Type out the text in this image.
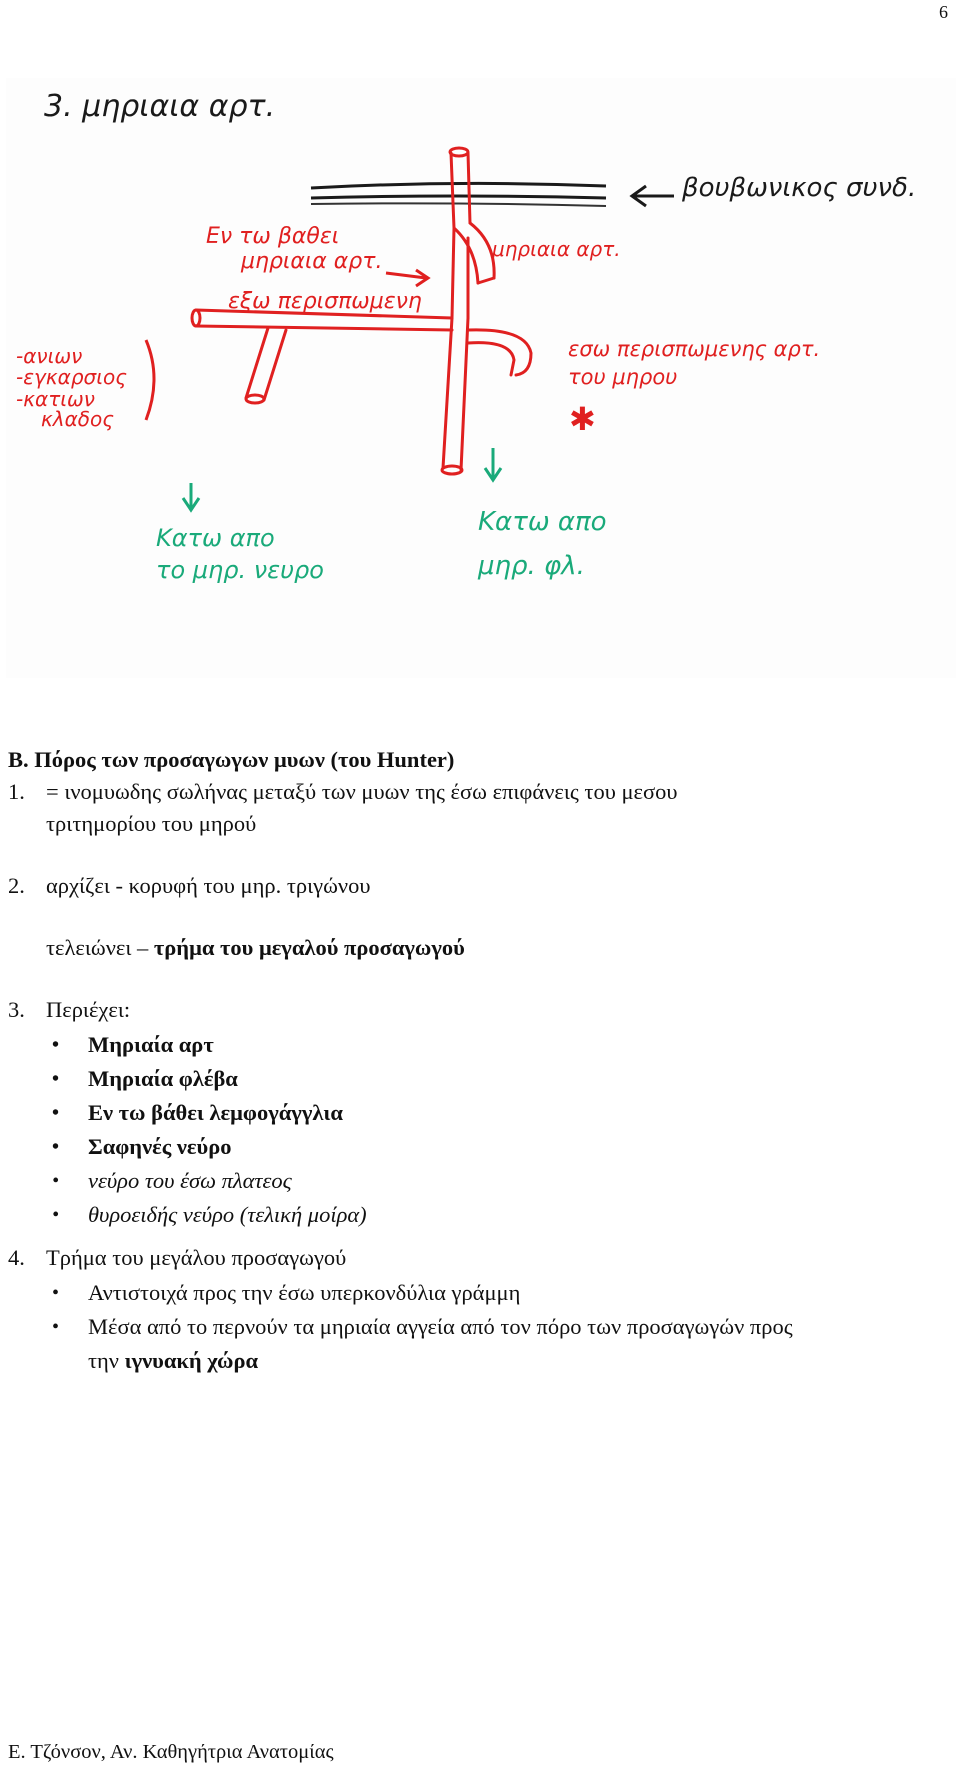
6
3. μηριαια αρτ.
βουβωνικος συνδ.
Εν τω βαθει
μηριαια αρτ.	μηριαια αρτ.
εξω περισπωμενη
-ανιων
-εγκαρσιος
-κατιων
κλαδος
εσω περισπωμενης αρτ.
του μηρου
✱
Κατω απο
το μηρ. νευρο
Κατω απο
μηρ. φλ.
B. Πόρος των προσαγωγων μυων (του Hunter)
1. = ινομυωδης σωλήνας μεταξύ των μυων της έσω επιφάνεις του μεσου
τριτημορίου του μηρού
2. αρχίζει - κορυφή του μηρ. τριγώνου
τελειώνει – τρήμα του μεγαλού προσαγωγού
3. Περιέχει:
• Μηριαία αρτ
• Μηριαία φλέβα
• Εν τω βάθει λεμφογάγγλια
• Σαφηνές νεύρο
• νεύρο του έσω πλατεος
• θυροειδής νεύρο (τελική μοίρα)
4. Τρήμα του μεγάλου προσαγωγού
• Αντιστοιχά προς την έσω υπερκονδύλια γράμμη
• Μέσα από το περνούν τα μηριαία αγγεία από τον πόρο των προσαγωγών προς
την ιγνυακή χώρα
Ε. Τζόνσον, Αν. Καθηγήτρια Ανατομίας
